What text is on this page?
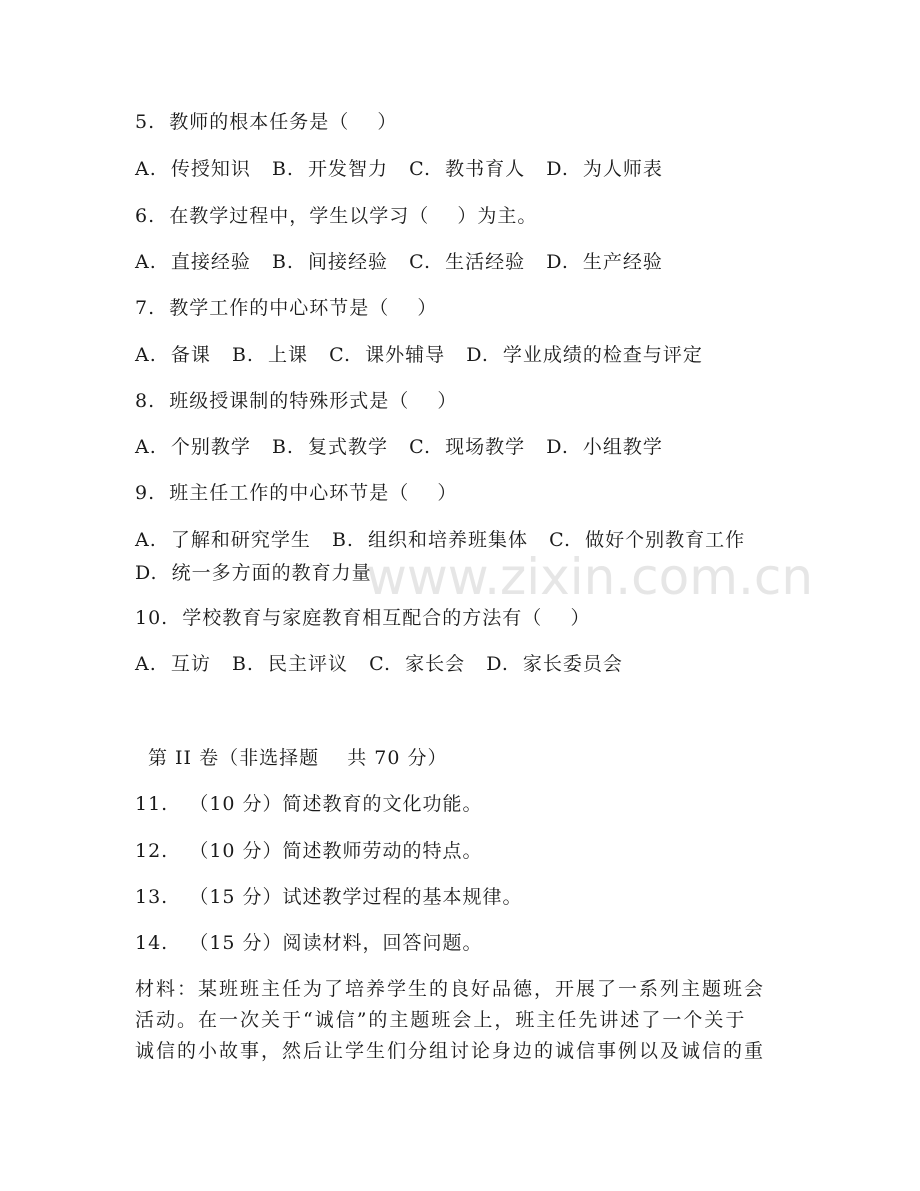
www.zixin.com.cn
5.  教师的根本任务是（    ）
A.  传授知识   B.  开发智力   C.  教书育人   D.  为人师表
6.  在教学过程中，学生以学习（    ）为主。
A.  直接经验   B.  间接经验   C.  生活经验   D.  生产经验
7.  教学工作的中心环节是（    ）
A.  备课   B.  上课   C.  课外辅导   D.  学业成绩的检查与评定
8.  班级授课制的特殊形式是（    ）
A.  个别教学   B.  复式教学   C.  现场教学   D.  小组教学
9.  班主任工作的中心环节是（    ）
A.  了解和研究学生   B.  组织和培养班集体   C.  做好个别教育工作
D.  统一多方面的教育力量
10.  学校教育与家庭教育相互配合的方法有（    ）
A.  互访   B.  民主评议   C.  家长会   D.  家长委员会
第 II 卷（非选择题    共 70 分）
11.   （10 分）简述教育的文化功能。
12.   （10 分）简述教师劳动的特点。
13.   （15 分）试述教学过程的基本规律。
14.   （15 分）阅读材料，回答问题。
材料：某班班主任为了培养学生的良好品德，开展了一系列主题班会
活动。在一次关于“诚信”的主题班会上，班主任先讲述了一个关于
诚信的小故事，然后让学生们分组讨论身边的诚信事例以及诚信的重
